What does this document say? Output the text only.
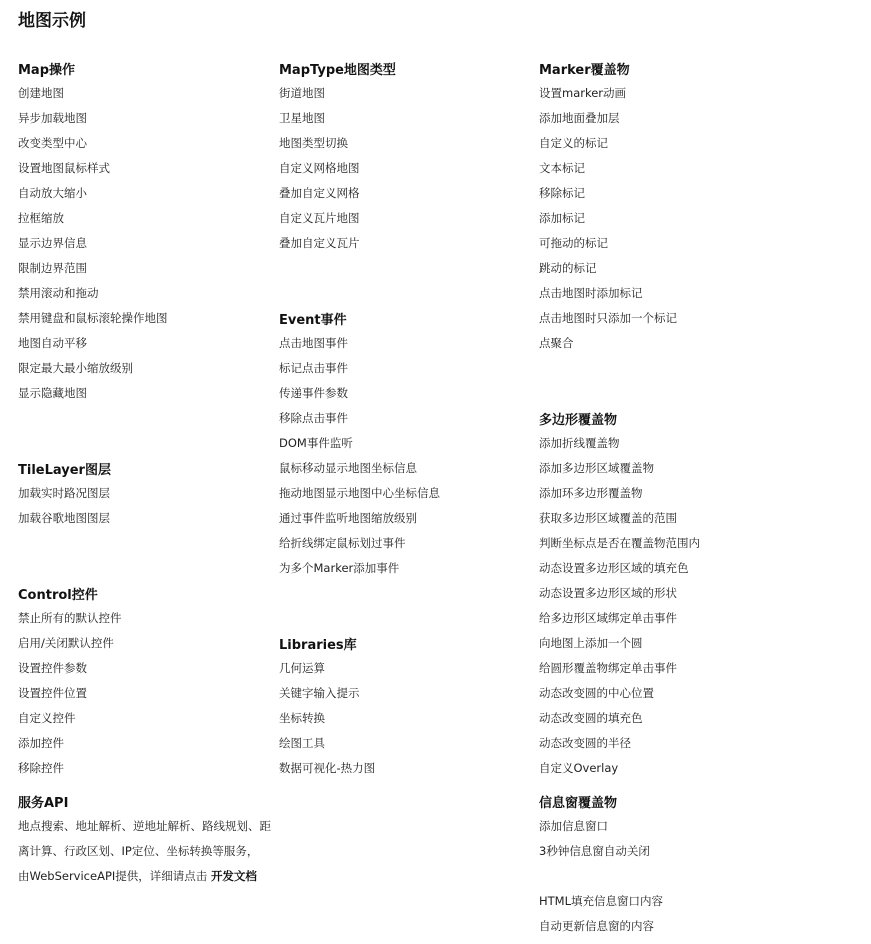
地图示例
Map操作
创建地图
异步加载地图
改变类型中心
设置地图鼠标样式
自动放大缩小
拉框缩放
显示边界信息
限制边界范围
禁用滚动和拖动
禁用键盘和鼠标滚轮操作地图
地图自动平移
限定最大最小缩放级别
显示隐藏地图
TileLayer图层
加载实时路况图层
加载谷歌地图图层
Control控件
禁止所有的默认控件
启用/关闭默认控件
设置控件参数
设置控件位置
自定义控件
添加控件
移除控件
服务API
地点搜索、地址解析、逆地址解析、路线规划、距离计算、行政区划、IP定位、坐标转换等服务，
由WebServiceAPI提供，详细请点击 开发文档
MapType地图类型
街道地图
卫星地图
地图类型切换
自定义网格地图
叠加自定义网格
自定义瓦片地图
叠加自定义瓦片
Event事件
点击地图事件
标记点击事件
传递事件参数
移除点击事件
DOM事件监听
鼠标移动显示地图坐标信息
拖动地图显示地图中心坐标信息
通过事件监听地图缩放级别
给折线绑定鼠标划过事件
为多个Marker添加事件
Libraries库
几何运算
关键字输入提示
坐标转换
绘图工具
数据可视化-热力图
Marker覆盖物
设置marker动画
添加地面叠加层
自定义的标记
文本标记
移除标记
添加标记
可拖动的标记
跳动的标记
点击地图时添加标记
点击地图时只添加一个标记
点聚合
多边形覆盖物
添加折线覆盖物
添加多边形区域覆盖物
添加环多边形覆盖物
获取多边形区域覆盖的范围
判断坐标点是否在覆盖物范围内
动态设置多边形区域的填充色
动态设置多边形区域的形状
给多边形区域绑定单击事件
向地图上添加一个圆
给圆形覆盖物绑定单击事件
动态改变圆的中心位置
动态改变圆的填充色
动态改变圆的半径
自定义Overlay
信息窗覆盖物
添加信息窗口
3秒钟信息窗自动关闭
HTML填充信息窗口内容
自动更新信息窗的内容
